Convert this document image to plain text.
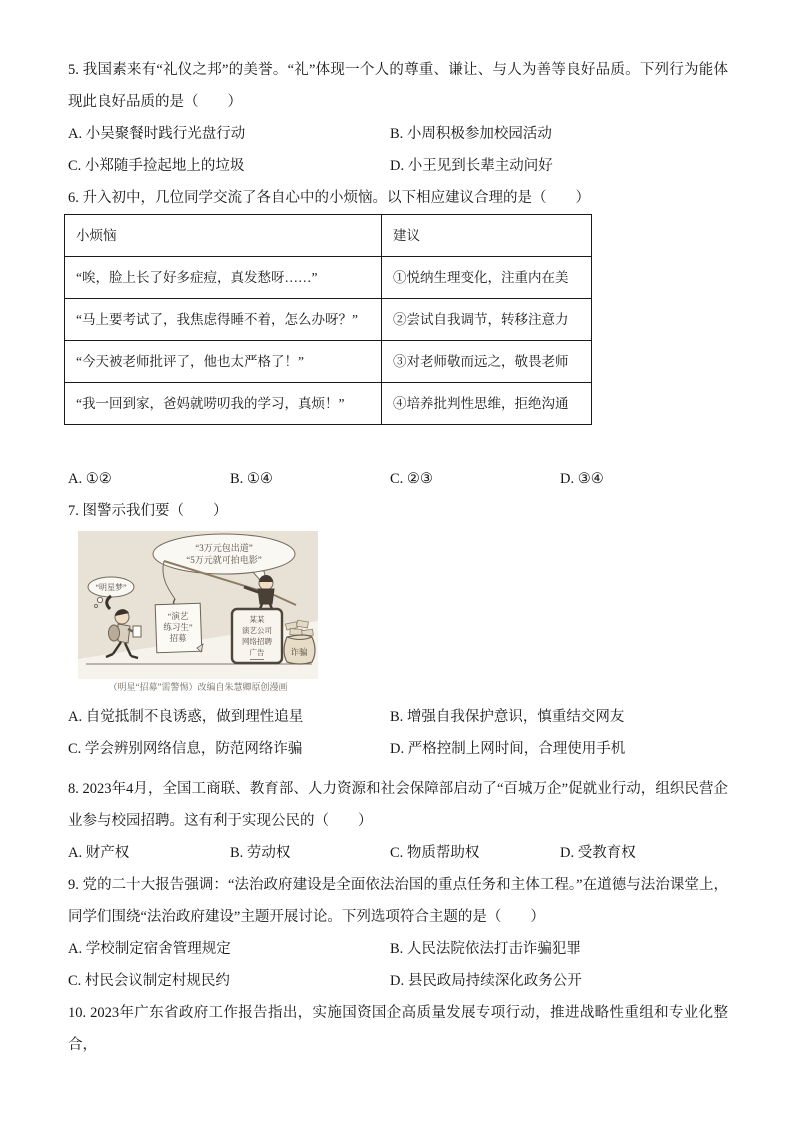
5. 我国素来有“礼仪之邦”的美誉。“礼”体现一个人的尊重、谦让、与人为善等良好品质。下列行为能体现此良好品质的是（　　）

A. 小吴聚餐时践行光盘行动	B. 小周积极参加校园活动
C. 小郑随手捡起地上的垃圾	D. 小王见到长辈主动问好

6. 升入初中，几位同学交流了各自心中的小烦恼。以下相应建议合理的是（　　）

小烦恼	建议
“唉，脸上长了好多症痘，真发愁呀……”	①悦纳生理变化，注重内在美
“马上要考试了，我焦虑得睡不着，怎么办呀？”	②尝试自我调节，转移注意力
“今天被老师批评了，他也太严格了！”	③对老师敬而远之，敬畏老师
“我一回到家，爸妈就唠叨我的学习，真烦！”	④培养批判性思维，拒绝沟通
A. ①②	B. ①④	C. ②③	D. ③④

7. 图警示我们要（　　）

“3万元包出道”
“5万元就可拍电影”
“演艺
练习生”
招募
“明星梦”
某某
演艺公司
网络招聘
广告	诈骗
（明星“招募”需警惕）改编自朱慧卿原创漫画
A. 自觉抵制不良诱惑，做到理性追星	B. 增强自我保护意识，慎重结交网友
C. 学会辨别网络信息，防范网络诈骗	D. 严格控制上网时间，合理使用手机

8. 2023年4月，全国工商联、教育部、人力资源和社会保障部启动了“百城万企”促就业行动，组织民营企业参与校园招聘。这有利于实现公民的（　　）

A. 财产权	B. 劳动权	C. 物质帮助权	D. 受教育权

9. 党的二十大报告强调：“法治政府建设是全面依法治国的重点任务和主体工程。”在道德与法治课堂上，同学们围绕“法治政府建设”主题开展讨论。下列选项符合主题的是（　　）

A. 学校制定宿舍管理规定	B. 人民法院依法打击诈骗犯罪
C. 村民会议制定村规民约	D. 县民政局持续深化政务公开

10. 2023年广东省政府工作报告指出，实施国资国企高质量发展专项行动，推进战略性重组和专业化整合，
